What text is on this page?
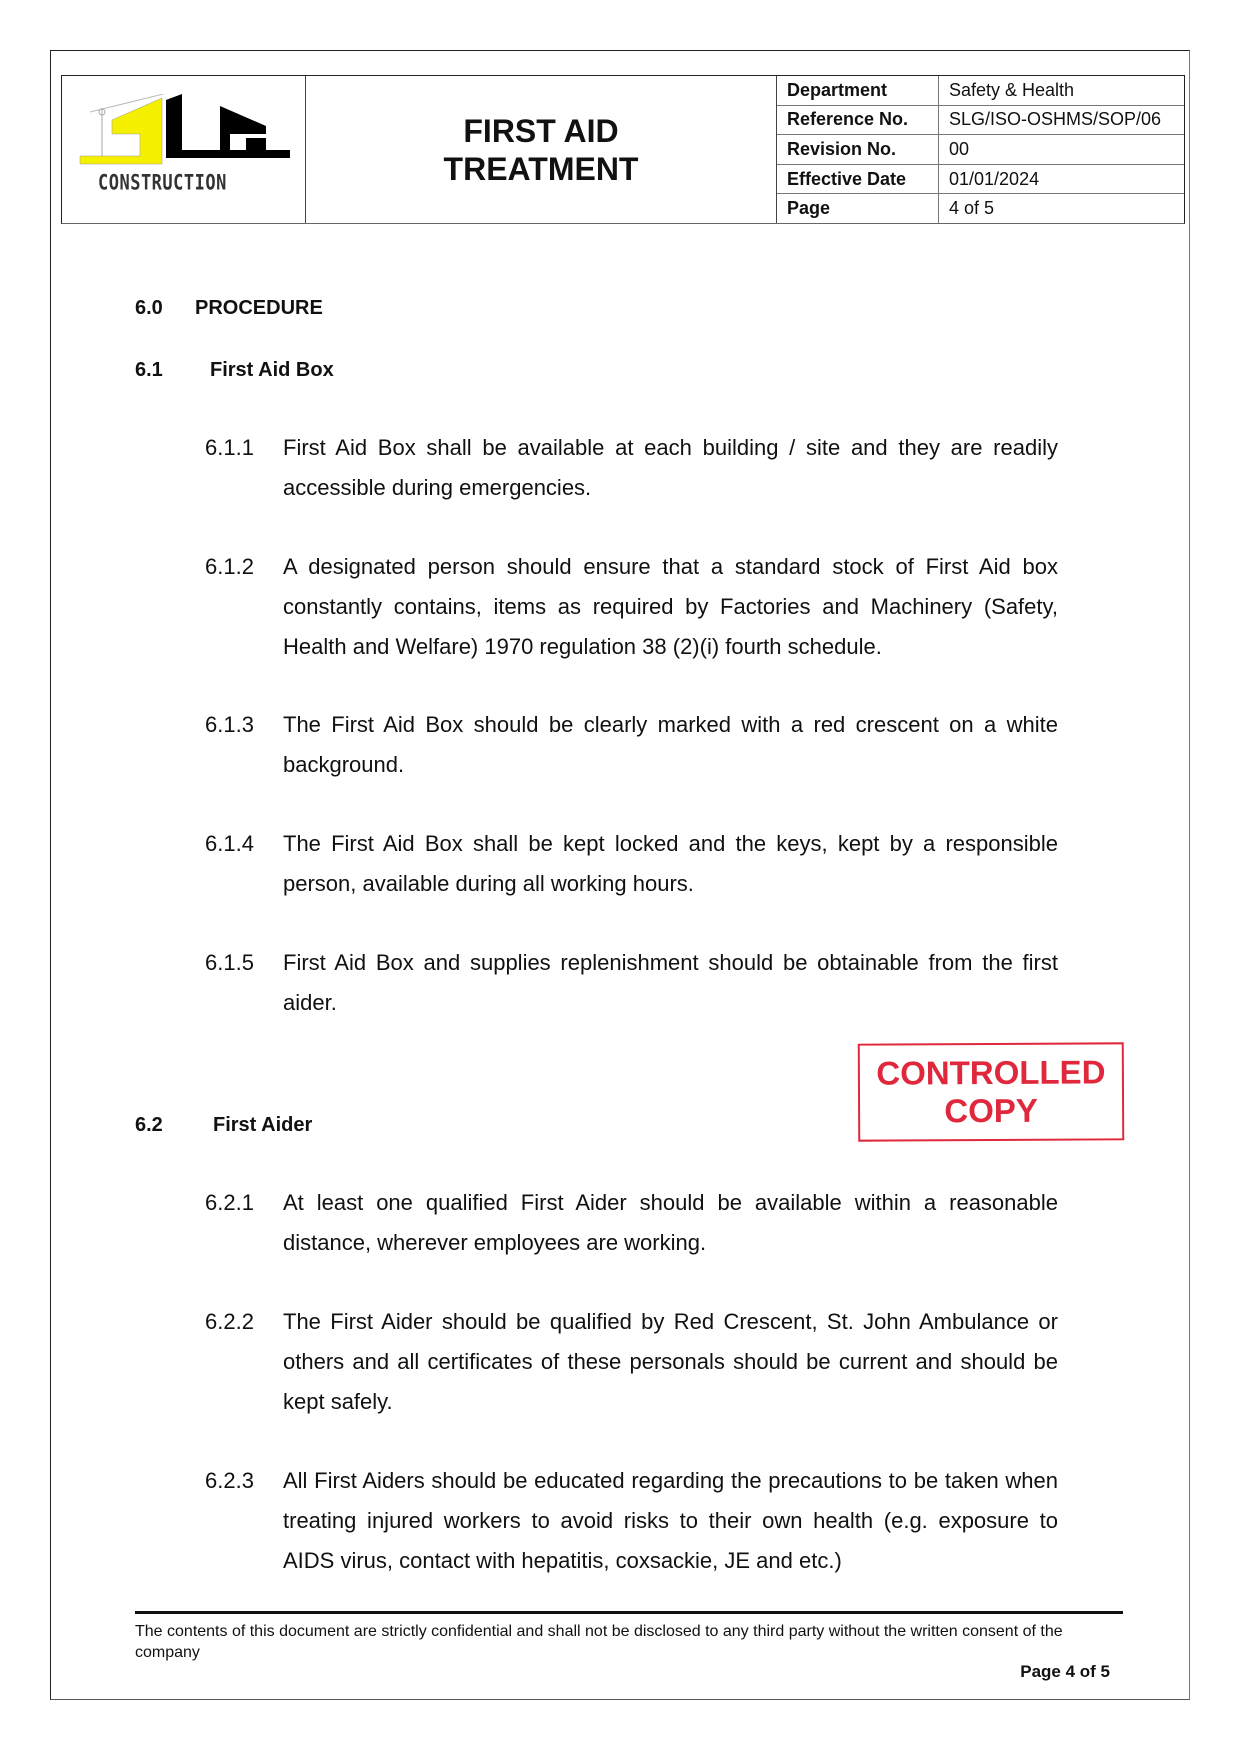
CONSTRUCTION
FIRST AID
TREATMENT
Department	Safety & Health
Reference No.	SLG/ISO-OSHMS/SOP/06
Revision No.	00
Effective Date	01/01/2024
Page	4 of 5
6.0 PROCEDURE
6.1 First Aid Box
6.1.1 First Aid Box shall be available at each building / site and they are readily accessible during emergencies.
6.1.2 A designated person should ensure that a standard stock of First Aid box constantly contains, items as required by Factories and Machinery (Safety, Health and Welfare) 1970 regulation 38 (2)(i) fourth schedule.
6.1.3 The First Aid Box should be clearly marked with a red crescent on a white background.
6.1.4 The First Aid Box shall be kept locked and the keys, kept by a responsible person, available during all working hours.
6.1.5 First Aid Box and supplies replenishment should be obtainable from the first aider.
6.2	First Aider
CONTROLLED
COPY
6.2.1 At least one qualified First Aider should be available within a reasonable distance, wherever employees are working.
6.2.2 The First Aider should be qualified by Red Crescent, St. John Ambulance or others and all certificates of these personals should be current and should be kept safely.
6.2.3 All First Aiders should be educated regarding the precautions to be taken when treating injured workers to avoid risks to their own health (e.g. exposure to AIDS virus, contact with hepatitis, coxsackie, JE and etc.)
The contents of this document are strictly confidential and shall not be disclosed to any third party without the written consent of the company
Page 4 of 5
